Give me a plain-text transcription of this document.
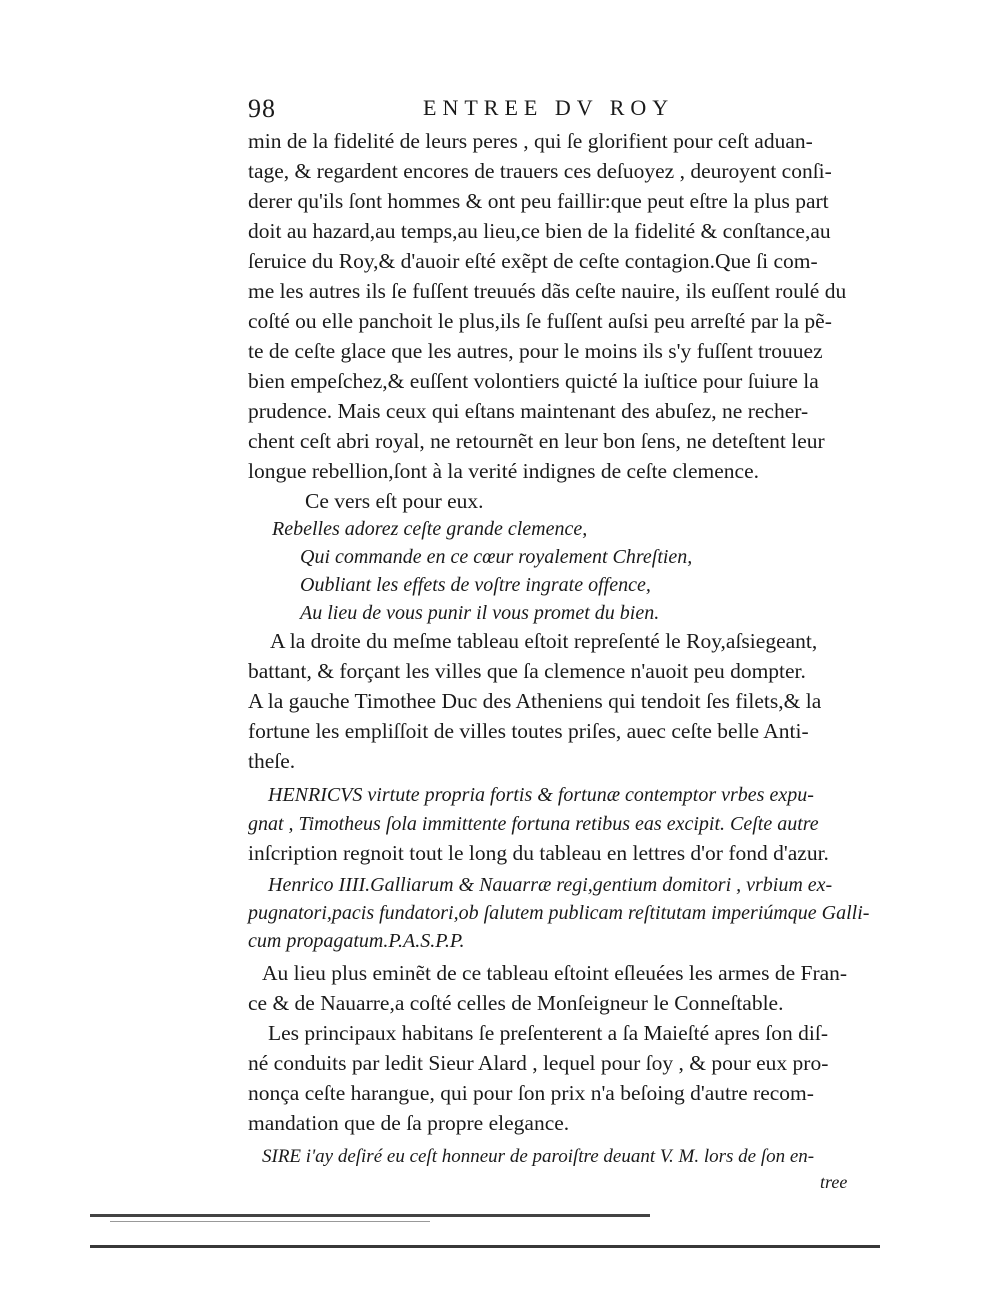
98	ENTREE DV ROY
min de la fidelité de leurs peres , qui ſe glorifient pour ceſt aduan-
tage, & regardent encores de trauers ces deſuoyez , deuroyent conſi-
derer qu'ils ſont hommes & ont peu faillir:que peut eſtre la plus part
doit au hazard,au temps,au lieu,ce bien de la fidelité & conſtance,au
ſeruice du Roy,& d'auoir eſté exẽpt de ceſte contagion.Que ſi com-
me les autres ils ſe fuſſent treuués dãs ceſte nauire, ils euſſent roulé du
coſté ou elle panchoit le plus,ils ſe fuſſent auſsi peu arreſté par la pẽ-
te de ceſte glace que les autres, pour le moins ils s'y fuſſent trouuez
bien empeſchez,& euſſent volontiers quicté la iuſtice pour ſuiure la
prudence. Mais ceux qui eſtans maintenant des abuſez, ne recher-
chent ceſt abri royal, ne retournẽt en leur bon ſens, ne deteſtent leur
longue rebellion,ſont à la verité indignes de ceſte clemence.
Ce vers eſt pour eux.
Rebelles adorez ceſte grande clemence,
Qui commande en ce cœur royalement Chreſtien,
Oubliant les effets de voſtre ingrate offence,
Au lieu de vous punir il vous promet du bien.
A la droite du meſme tableau eſtoit repreſenté le Roy,aſsiegeant,
battant, & forçant les villes que ſa clemence n'auoit peu dompter.
A la gauche Timothee Duc des Atheniens qui tendoit ſes filets,& la
fortune les empliſſoit de villes toutes priſes, auec ceſte belle Anti-
theſe.
HENRICVS virtute propria fortis & fortunæ contemptor vrbes expu-
gnat , Timotheus ſola immittente fortuna retibus eas excipit. Ceſte autre
inſcription regnoit tout le long du tableau en lettres d'or fond d'azur.
Henrico IIII.Galliarum & Nauarræ regi,gentium domitori , vrbium ex-
pugnatori,pacis fundatori,ob ſalutem publicam reſtitutam imperiúmque Galli-
cum propagatum.P.A.S.P.P.
Au lieu plus eminẽt de ce tableau eſtoint eſleuées les armes de Fran-
ce & de Nauarre,a coſté celles de Monſeigneur le Conneſtable.
Les principaux habitans ſe preſenterent a ſa Maieſté apres ſon diſ-
né conduits par ledit Sieur Alard , lequel pour ſoy , & pour eux pro-
nonça ceſte harangue, qui pour ſon prix n'a beſoing d'autre recom-
mandation que de ſa propre elegance.
SIRE i'ay deſiré eu ceſt honneur de paroiſtre deuant V. M. lors de ſon en-
tree
